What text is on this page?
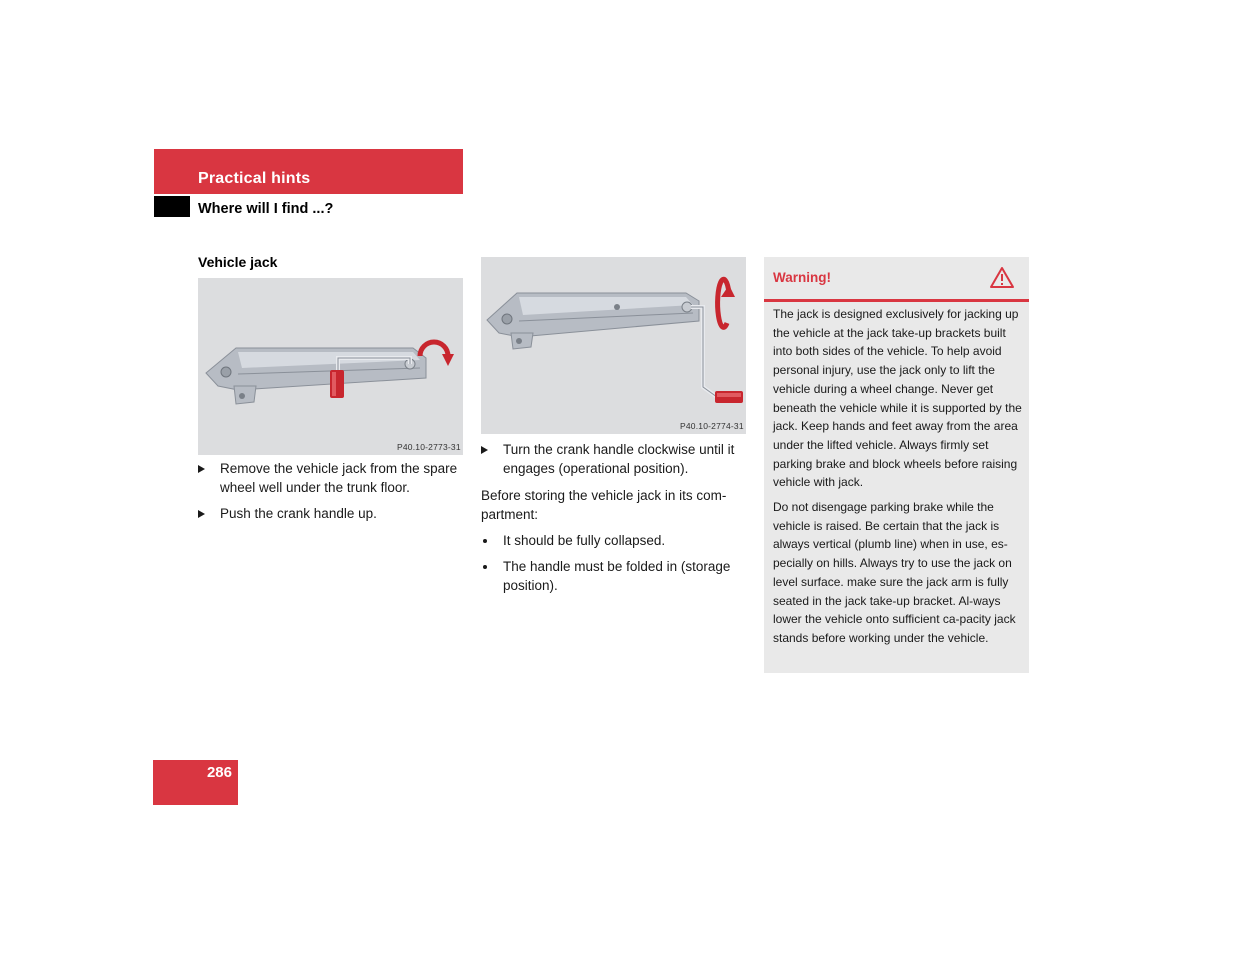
Practical hints
Where will I find ...?
Vehicle jack
P40.10-2773-31
Remove the vehicle jack from the spare wheel well under the trunk floor.
Push the crank handle up.
P40.10-2774-31
Turn the crank handle clockwise until it engages (operational position).
Before storing the vehicle jack in its com-partment:
It should be fully collapsed.
The handle must be folded in (storage position).
Warning!
The jack is designed exclusively for jacking up the vehicle at the jack take-up brackets built into both sides of the vehicle. To help avoid personal injury, use the jack only to lift the vehicle during a wheel change. Never get beneath the vehicle while it is supported by the jack. Keep hands and feet away from the area under the lifted vehicle. Always firmly set parking brake and block wheels before raising vehicle with jack.
Do not disengage parking brake while the vehicle is raised. Be certain that the jack is always vertical (plumb line) when in use, es-pecially on hills. Always try to use the jack on level surface. make sure the jack arm is fully seated in the jack take-up bracket. Al-ways lower the vehicle onto sufficient ca-pacity jack stands before working under the vehicle.
286
